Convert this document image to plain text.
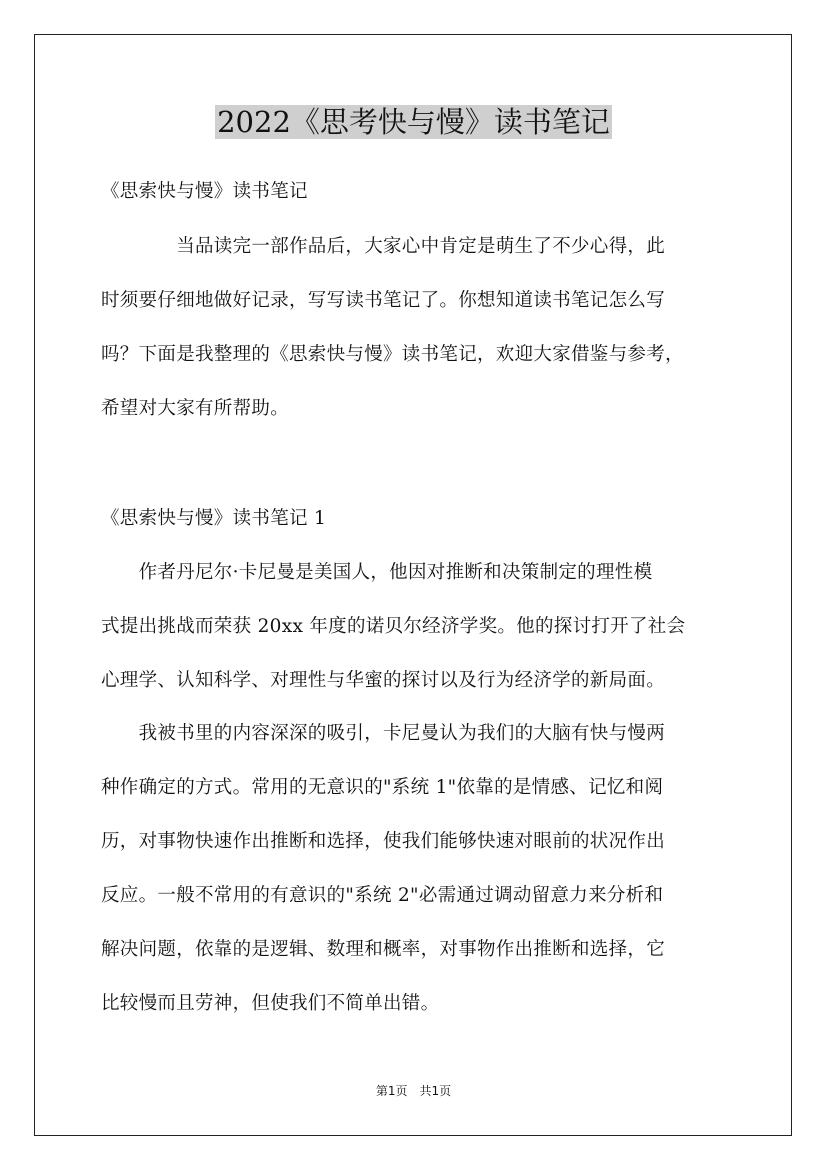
2022《思考快与慢》读书笔记
《思索快与慢》读书笔记
　　　　当品读完一部作品后，大家心中肯定是萌生了不少心得，此
时须要仔细地做好记录，写写读书笔记了。你想知道读书笔记怎么写
吗？下面是我整理的《思索快与慢》读书笔记，欢迎大家借鉴与参考，
希望对大家有所帮助。
《思索快与慢》读书笔记 1
　　作者丹尼尔·卡尼曼是美国人，他因对推断和决策制定的理性模
式提出挑战而荣获 20xx 年度的诺贝尔经济学奖。他的探讨打开了社会
心理学、认知科学、对理性与华蜜的探讨以及行为经济学的新局面。
　　我被书里的内容深深的吸引，卡尼曼认为我们的大脑有快与慢两
种作确定的方式。常用的无意识的"系统 1"依靠的是情感、记忆和阅
历，对事物快速作出推断和选择，使我们能够快速对眼前的状况作出
反应。一般不常用的有意识的"系统 2"必需通过调动留意力来分析和
解决问题，依靠的是逻辑、数理和概率，对事物作出推断和选择，它
比较慢而且劳神，但使我们不简单出错。
第1页　共1页
